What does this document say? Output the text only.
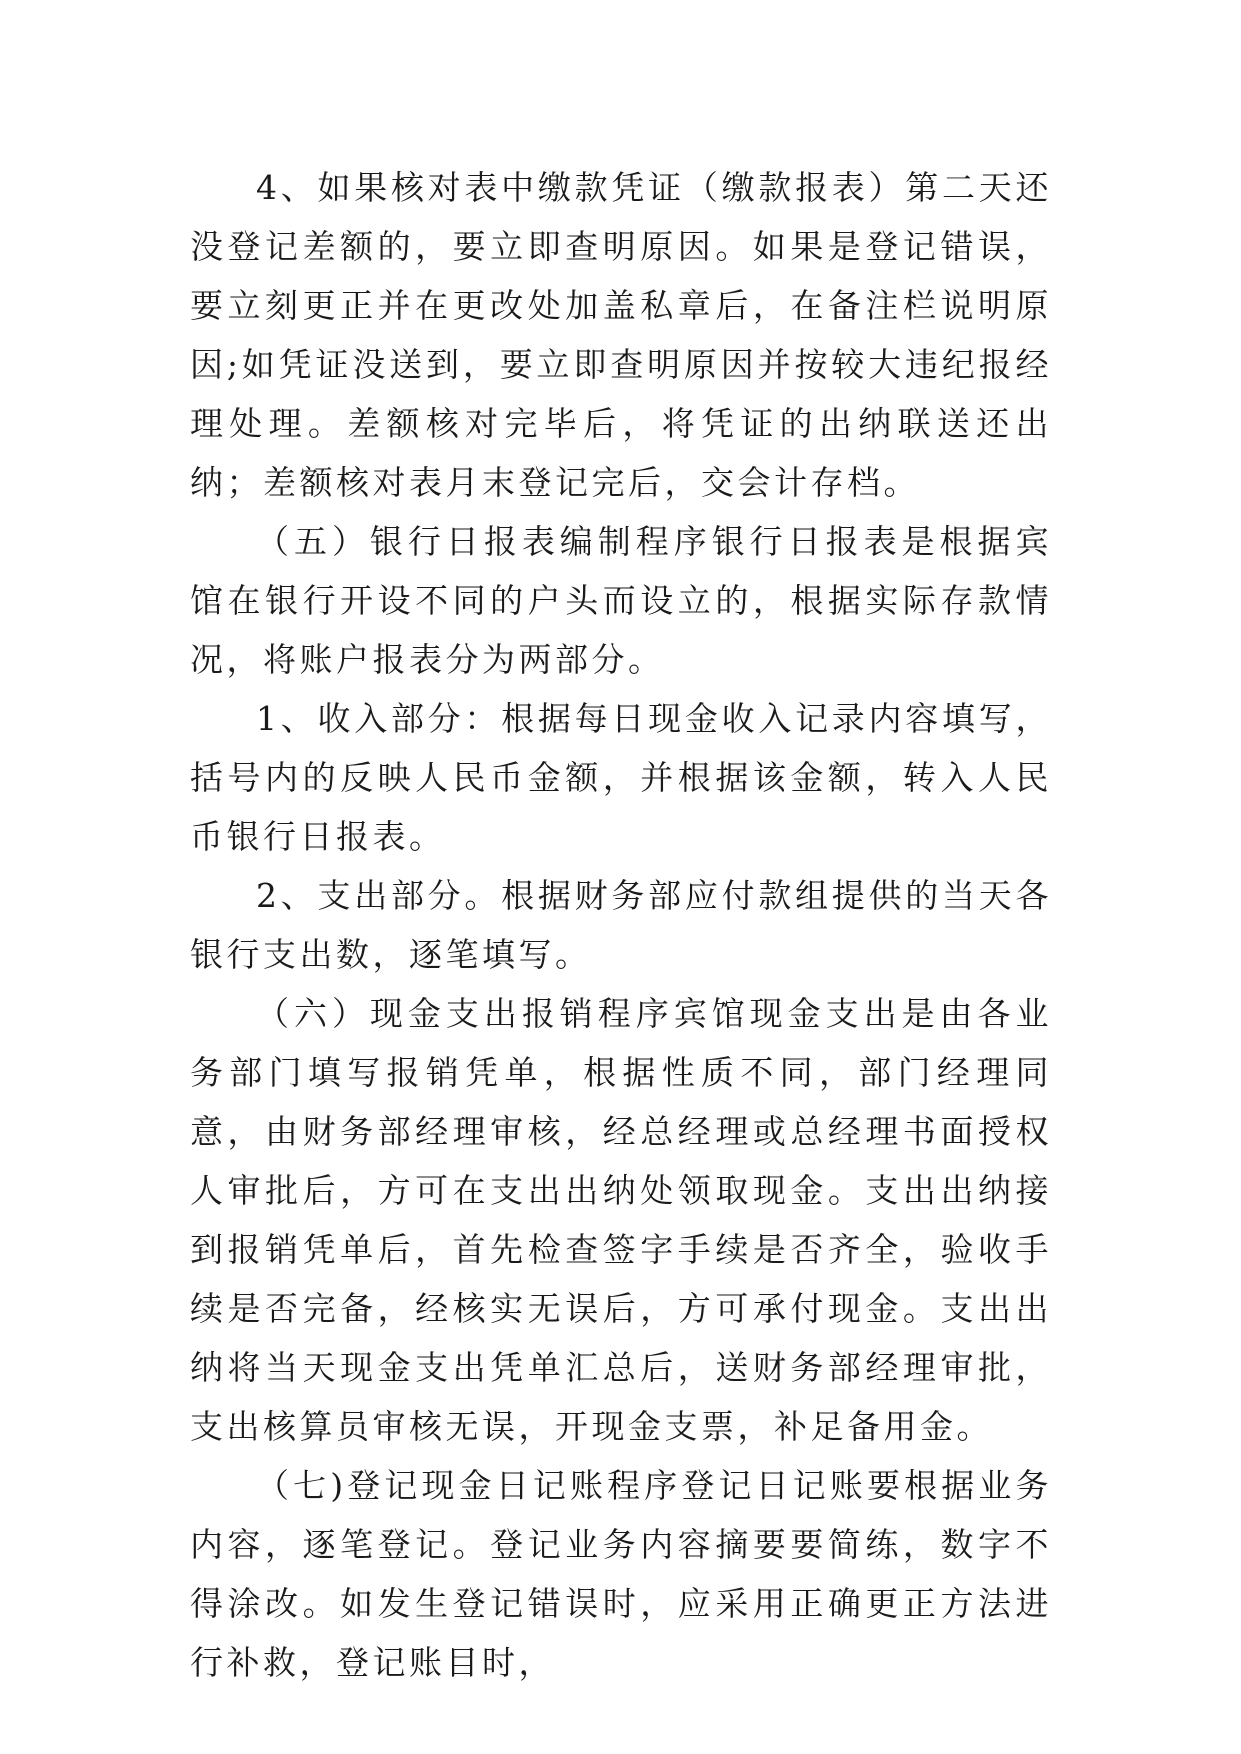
4、如果核对表中缴款凭证（缴款报表）第二天还没登记差额的，要立即查明原因。如果是登记错误，要立刻更正并在更改处加盖私章后，在备注栏说明原因;如凭证没送到，要立即查明原因并按较大违纪报经理处理。差额核对完毕后，将凭证的出纳联送还出纳；差额核对表月末登记完后，交会计存档。

（五）银行日报表编制程序银行日报表是根据宾馆在银行开设不同的户头而设立的，根据实际存款情况，将账户报表分为两部分。

1、收入部分：根据每日现金收入记录内容填写，括号内的反映人民币金额，并根据该金额，转入人民币银行日报表。

2、支出部分。根据财务部应付款组提供的当天各银行支出数，逐笔填写。

（六）现金支出报销程序宾馆现金支出是由各业务部门填写报销凭单，根据性质不同，部门经理同意，由财务部经理审核，经总经理或总经理书面授权人审批后，方可在支出出纳处领取现金。支出出纳接到报销凭单后，首先检查签字手续是否齐全，验收手续是否完备，经核实无误后，方可承付现金。支出出纳将当天现金支出凭单汇总后，送财务部经理审批，支出核算员审核无误，开现金支票，补足备用金。

（七)登记现金日记账程序登记日记账要根据业务内容，逐笔登记。登记业务内容摘要要简练，数字不得涂改。如发生登记错误时，应采用正确更正方法进行补救，登记账目时，
